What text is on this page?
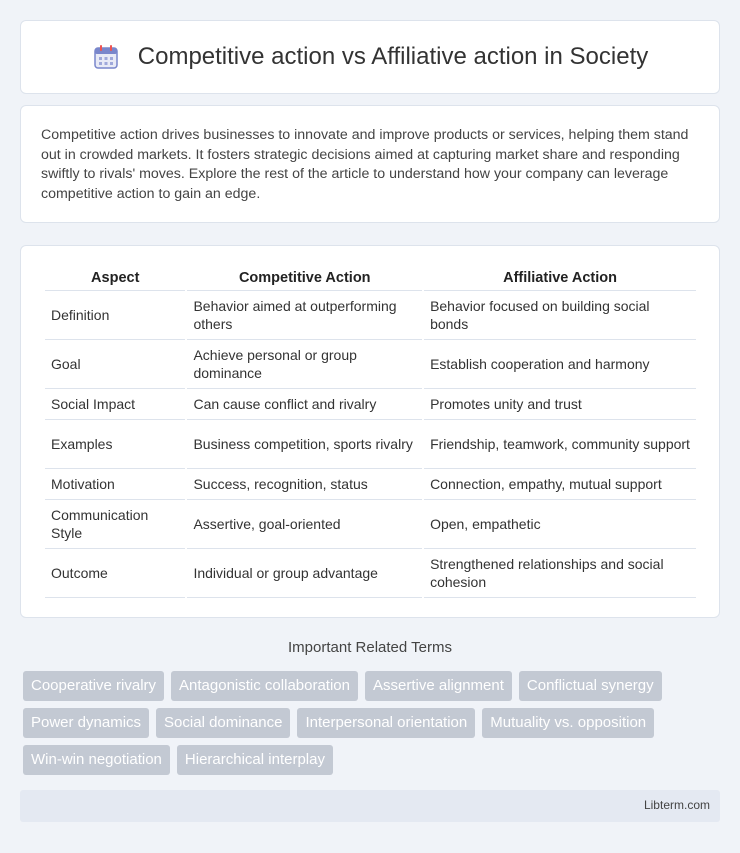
Competitive action vs Affiliative action in Society

Competitive action drives businesses to innovate and improve products or services, helping them stand out in crowded markets. It fosters strategic decisions aimed at capturing market share and responding swiftly to rivals' moves. Explore the rest of the article to understand how your company can leverage competitive action to gain an edge.

Aspect	Competitive Action	Affiliative Action
Definition	Behavior aimed at outperforming others	Behavior focused on building social bonds
Goal	Achieve personal or group dominance	Establish cooperation and harmony
Social Impact	Can cause conflict and rivalry	Promotes unity and trust
Examples	Business competition, sports rivalry	Friendship, teamwork, community support
Motivation	Success, recognition, status	Connection, empathy, mutual support
Communication Style	Assertive, goal-oriented	Open, empathetic
Outcome	Individual or group advantage	Strengthened relationships and social cohesion
Important Related Terms
Cooperative rivalry	Antagonistic collaboration	Assertive alignment	Conflictual synergy
Power dynamics	Social dominance	Interpersonal orientation	Mutuality vs. opposition
Win-win negotiation	Hierarchical interplay
Libterm.com
